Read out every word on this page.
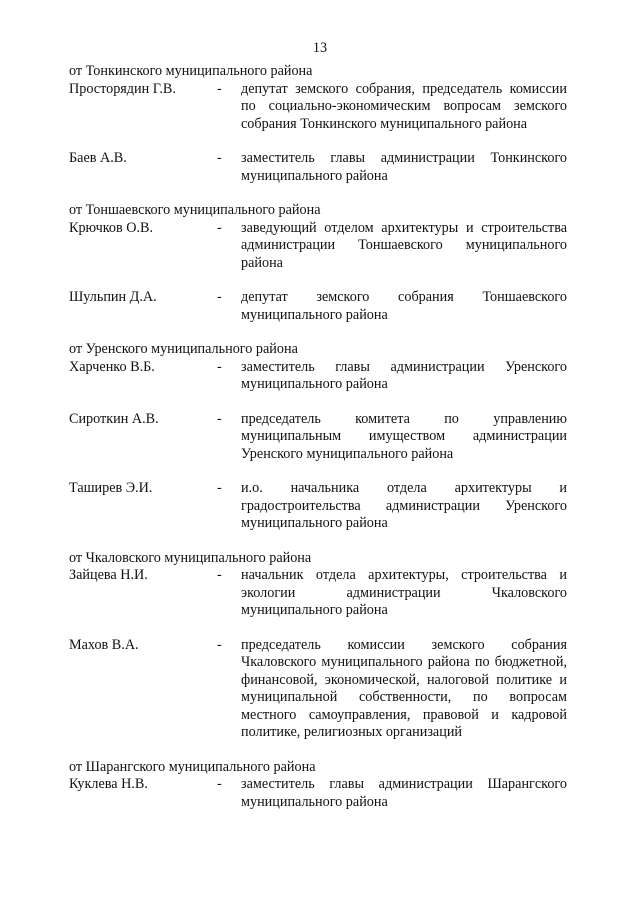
13

от Тонкинского муниципального района

Просторядин Г.В.	-	депутат земского собрания, председатель комиссии по социально-экономическим вопросам земского собрания Тонкинского муниципального района
Баев А.В.	-	заместитель главы администрации Тонкинского муниципального района

от Тоншаевского муниципального района

Крючков О.В.	-	заведующий отделом архитектуры и строительства администрации Тоншаевского муниципального района
Шульпин Д.А.	-	депутат земского собрания Тоншаевского муниципального района

от Уренского муниципального района

Харченко В.Б.	-	заместитель главы администрации Уренского муниципального района
Сироткин А.В.	-	председатель комитета по управлению муниципальным имуществом администрации Уренского муниципального района
Таширев Э.И.	-	и.о. начальника отдела архитектуры и градостроительства администрации Уренского муниципального района

от Чкаловского муниципального района

Зайцева Н.И.	-	начальник отдела архитектуры, строительства и экологии администрации Чкаловского муниципального района
Махов В.А.	-	председатель комиссии земского собрания Чкаловского муниципального района по бюджетной, финансовой, экономической, налоговой политике и муниципальной собственности, по вопросам местного самоуправления, правовой и кадровой политике, религиозных организаций

от Шарангского муниципального района

Куклева Н.В.	-	заместитель главы администрации Шарангского муниципального района
